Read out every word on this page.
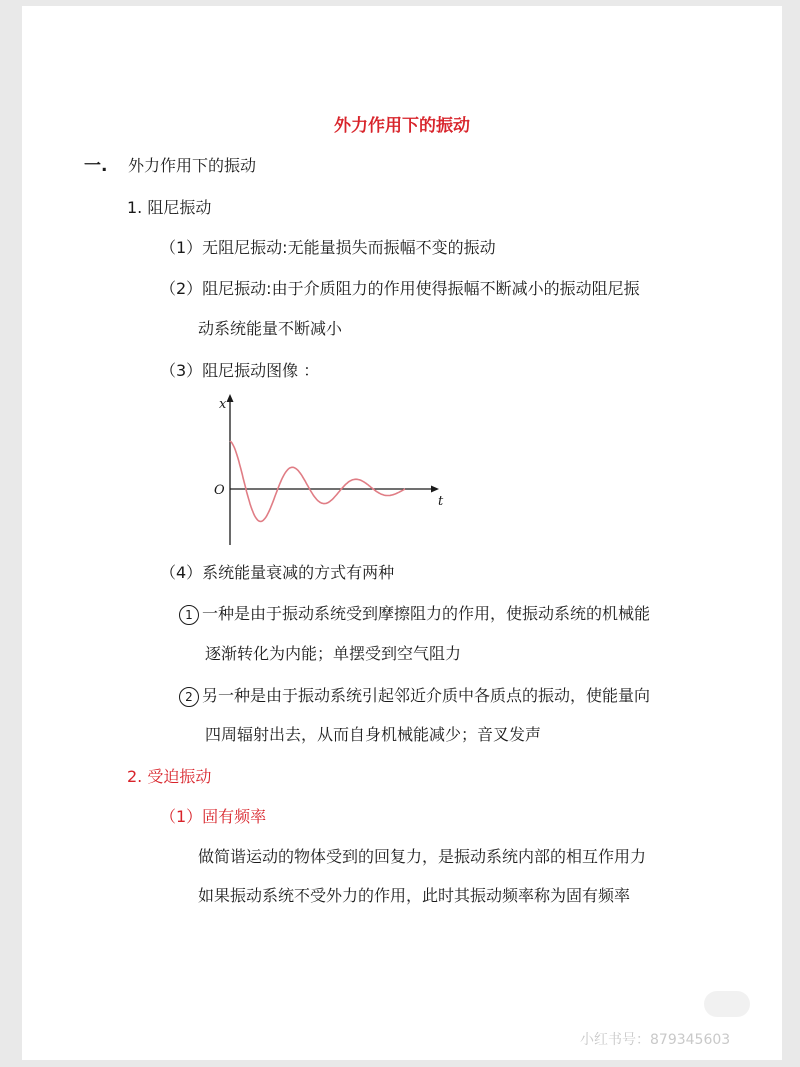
外力作用下的振动
一. 外力作用下的振动
1. 阻尼振动
（1）无阻尼振动:无能量损失而振幅不变的振动
（2）阻尼振动:由于介质阻力的作用使得振幅不断减小的振动阻尼振
动系统能量不断减小
（3）阻尼振动图像 ：
x
t
O
（4）系统能量衰减的方式有两种
1 一种是由于振动系统受到摩擦阻力的作用，使振动系统的机械能
逐渐转化为内能；单摆受到空气阻力
2 另一种是由于振动系统引起邻近介质中各质点的振动，使能量向
四周辐射出去，从而自身机械能减少；音叉发声
2. 受迫振动
（1）固有频率
做简谐运动的物体受到的回复力，是振动系统内部的相互作用力
如果振动系统不受外力的作用，此时其振动频率称为固有频率
小红书号：879345603
